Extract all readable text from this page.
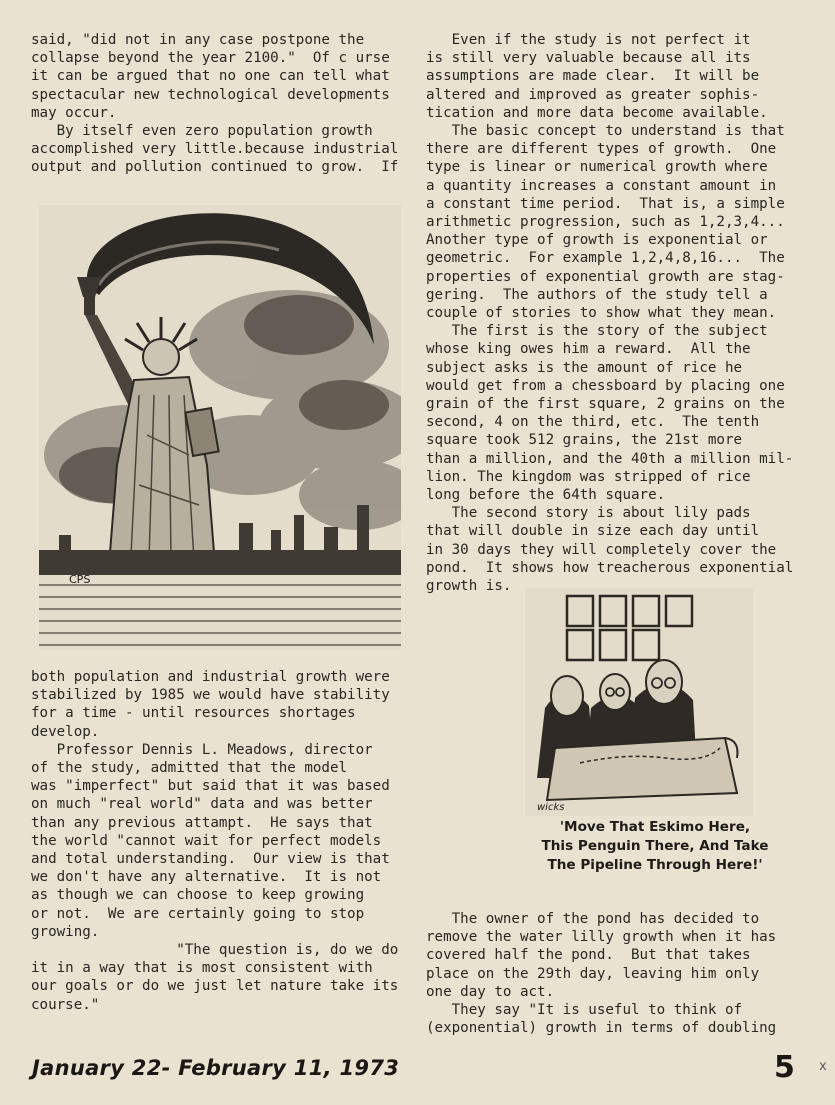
said, "did not in any case postpone the

collapse beyond the year 2100."  Of c urse

it can be argued that no one can tell what

spectacular new technological developments

may occur.

By itself even zero population growth

accomplished very little.because industrial

output and pollution continued to grow.  If

CPS

both population and industrial growth were

stabilized by 1985 we would have stability

for a time - until resources shortages

develop.

Professor Dennis L. Meadows, director

of the study, admitted that the model

was "imperfect" but said that it was based

on much "real world" data and was better

than any previous attampt.  He says that

the world "cannot wait for perfect models

and total understanding.  Our view is that

we don't have any alternative.  It is not

as though we can choose to keep growing

or not.  We are certainly going to stop

growing.

"The question is, do we do

it in a way that is most consistent with

our goals or do we just let nature take its

course."

Even if the study is not perfect it

is still very valuable because all its

assumptions are made clear.  It will be

altered and improved as greater sophis-

tication and more data become available.

The basic concept to understand is that

there are different types of growth.  One

type is linear or numerical growth where

a quantity increases a constant amount in

a constant time period.  That is, a simple

arithmetic progression, such as 1,2,3,4...

Another type of growth is exponential or

geometric.  For example 1,2,4,8,16...  The

properties of exponential growth are stag-

gering.  The authors of the study tell a

couple of stories to show what they mean.

The first is the story of the subject

whose king owes him a reward.  All the

subject asks is the amount of rice he

would get from a chessboard by placing one

grain of the first square, 2 grains on the

second, 4 on the third, etc.  The tenth

square took 512 grains, the 21st more

than a million, and the 40th a million mil-

lion. The kingdom was stripped of rice

long before the 64th square.

The second story is about lily pads

that will double in size each day until

in 30 days they will completely cover the

pond.  It shows how treacherous exponential

growth is.

wicks

'Move That Eskimo Here,

This Penguin There, And Take

The Pipeline Through Here!'

The owner of the pond has decided to

remove the water lilly growth when it has

covered half the pond.  But that takes

place on the 29th day, leaving him only

one day to act.

They say "It is useful to think of

(exponential) growth in terms of doubling

January 22- February 11, 1973	5 x
